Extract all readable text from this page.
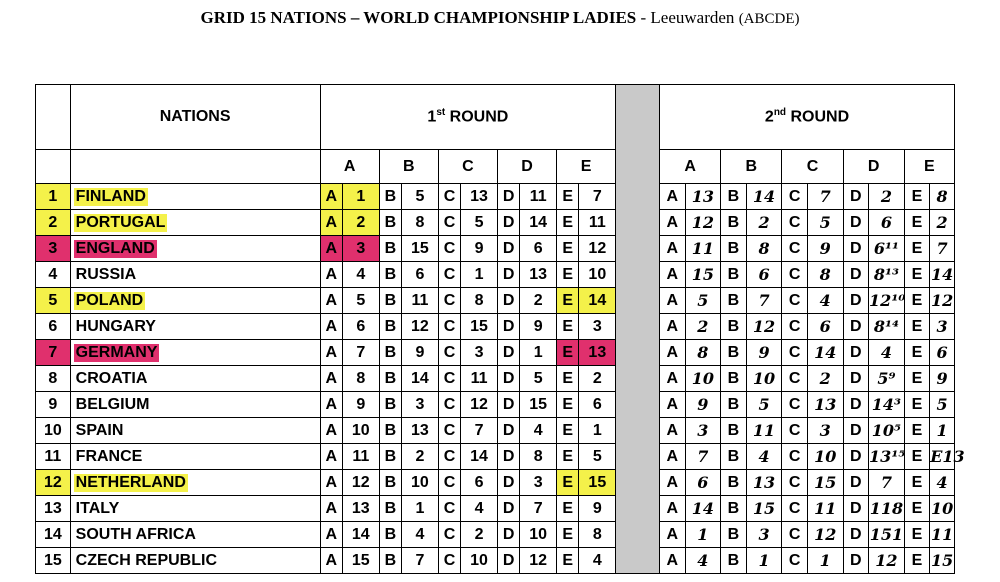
GRID 15 NATIONS – WORLD CHAMPIONSHIP LADIES - Leeuwarden (ABCDE)
	NATIONS	1st ROUND											2nd ROUND									
		A		B		C		D		E			A		B		C		D		E	
1	FINLAND	A	1	B	5	C	13	D	11	E	7		A	13	B	14	C	7	D	2	E	8
2	PORTUGAL	A	2	B	8	C	5	D	14	E	11		A	12	B	2	C	5	D	6	E	2
3	ENGLAND	A	3	B	15	C	9	D	6	E	12		A	11	B	8	C	9	D	6¹¹	E	7
4	RUSSIA	A	4	B	6	C	1	D	13	E	10		A	15	B	6	C	8	D	8¹³	E	14
5	POLAND	A	5	B	11	C	8	D	2	E	14		A	5	B	7	C	4	D	12¹⁰	E	12
6	HUNGARY	A	6	B	12	C	15	D	9	E	3		A	2	B	12	C	6	D	8¹⁴	E	3
7	GERMANY	A	7	B	9	C	3	D	1	E	13		A	8	B	9	C	14	D	4	E	6
8	CROATIA	A	8	B	14	C	11	D	5	E	2		A	10	B	10	C	2	D	5⁹	E	9
9	BELGIUM	A	9	B	3	C	12	D	15	E	6		A	9	B	5	C	13	D	14³	E	5
10	SPAIN	A	10	B	13	C	7	D	4	E	1		A	3	B	11	C	3	D	10⁵	E	1
11	FRANCE	A	11	B	2	C	14	D	8	E	5		A	7	B	4	C	10	D	13¹⁵	E	E13
12	NETHERLAND	A	12	B	10	C	6	D	3	E	15		A	6	B	13	C	15	D	7	E	4
13	ITALY	A	13	B	1	C	4	D	7	E	9		A	14	B	15	C	11	D	118	E	10
14	SOUTH AFRICA	A	14	B	4	C	2	D	10	E	8		A	1	B	3	C	12	D	151	E	11
15	CZECH REPUBLIC	A	15	B	7	C	10	D	12	E	4		A	4	B	1	C	1	D	12	E	15
